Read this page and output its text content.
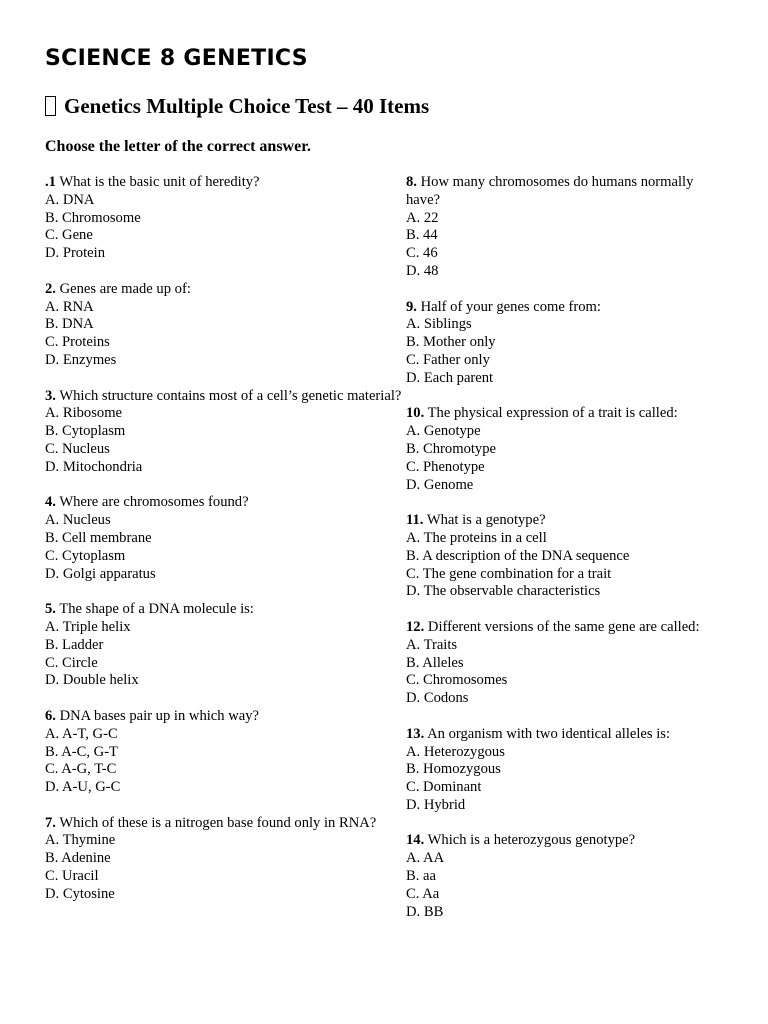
SCIENCE 8 GENETICS
Genetics Multiple Choice Test – 40 Items

Choose the letter of the correct answer.

.1 What is the basic unit of heredity?
A. DNA
B. Chromosome
C. Gene
D. Protein
2. Genes are made up of:
A. RNA
B. DNA
C. Proteins
D. Enzymes
3. Which structure contains most of a cell’s genetic material?
A. Ribosome
B. Cytoplasm
C. Nucleus
D. Mitochondria
4. Where are chromosomes found?
A. Nucleus
B. Cell membrane
C. Cytoplasm
D. Golgi apparatus
5. The shape of a DNA molecule is:
A. Triple helix
B. Ladder
C. Circle
D. Double helix
6. DNA bases pair up in which way?
A. A-T, G-C
B. A-C, G-T
C. A-G, T-C
D. A-U, G-C
7. Which of these is a nitrogen base found only in RNA?
A. Thymine
B. Adenine
C. Uracil
D. Cytosine
8. How many chromosomes do humans normally have?
A. 22
B. 44
C. 46
D. 48
9. Half of your genes come from:
A. Siblings
B. Mother only
C. Father only
D. Each parent
10. The physical expression of a trait is called:
A. Genotype
B. Chromotype
C. Phenotype
D. Genome
11. What is a genotype?
A. The proteins in a cell
B. A description of the DNA sequence
C. The gene combination for a trait
D. The observable characteristics
12. Different versions of the same gene are called:
A. Traits
B. Alleles
C. Chromosomes
D. Codons
13. An organism with two identical alleles is:
A. Heterozygous
B. Homozygous
C. Dominant
D. Hybrid
14. Which is a heterozygous genotype?
A. AA
B. aa
C. Aa
D. BB
